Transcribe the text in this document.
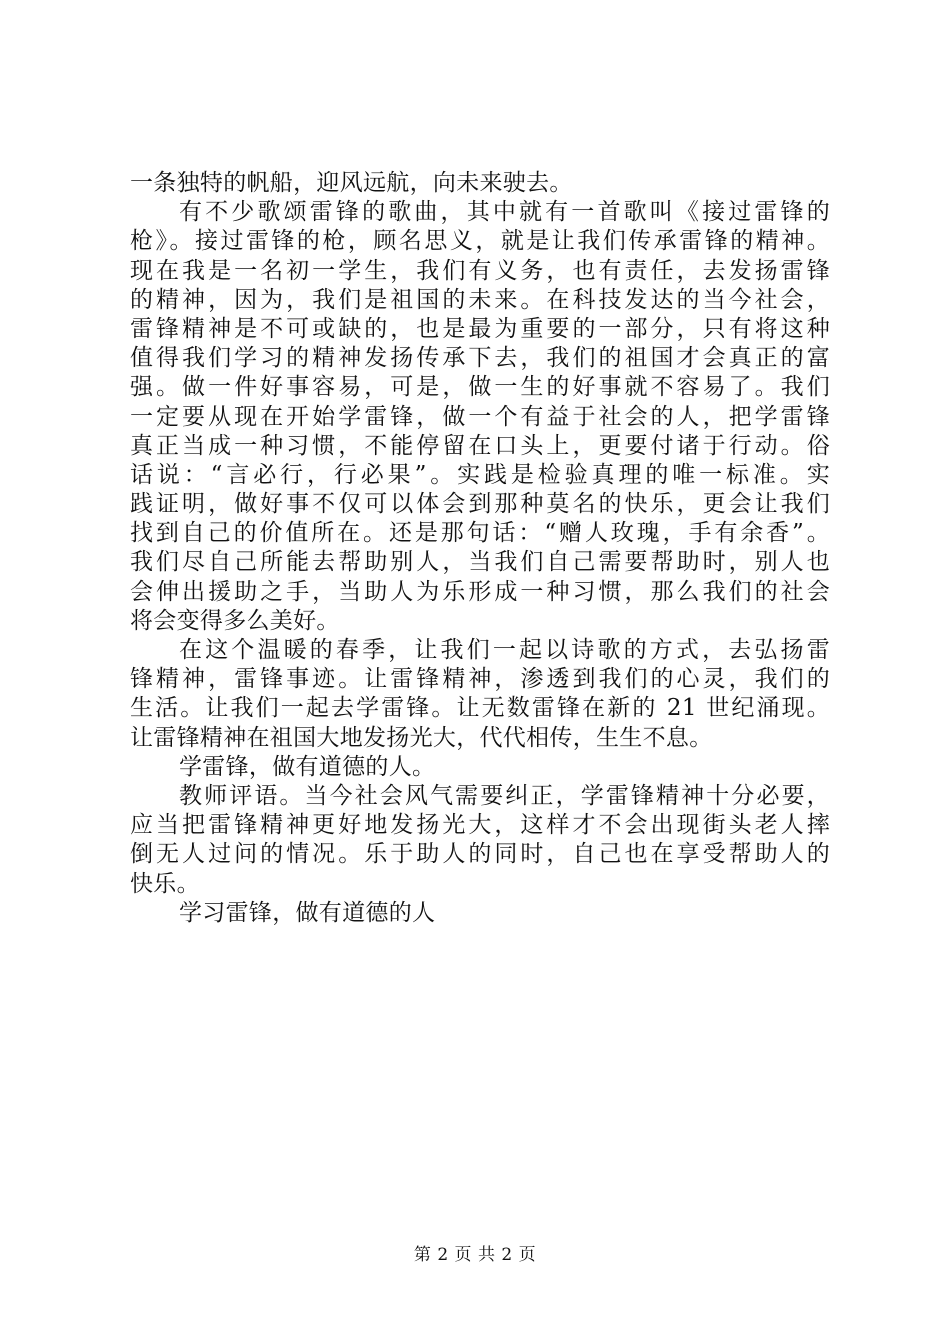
一条独特的帆船，迎风远航，向未来驶去。
有不少歌颂雷锋的歌曲，其中就有一首歌叫《接过雷锋的
枪》。接过雷锋的枪，顾名思义，就是让我们传承雷锋的精神。
现在我是一名初一学生，我们有义务，也有责任，去发扬雷锋
的精神，因为，我们是祖国的未来。在科技发达的当今社会，
雷锋精神是不可或缺的，也是最为重要的一部分，只有将这种
值得我们学习的精神发扬传承下去，我们的祖国才会真正的富
强。做一件好事容易，可是，做一生的好事就不容易了。我们
一定要从现在开始学雷锋，做一个有益于社会的人，把学雷锋
真正当成一种习惯，不能停留在口头上，更要付诸于行动。俗
话说：“言必行，行必果”。实践是检验真理的唯一标准。实
践证明，做好事不仅可以体会到那种莫名的快乐，更会让我们
找到自己的价值所在。还是那句话：“赠人玫瑰，手有余香”。
我们尽自己所能去帮助别人，当我们自己需要帮助时，别人也
会伸出援助之手，当助人为乐形成一种习惯，那么我们的社会
将会变得多么美好。
在这个温暖的春季，让我们一起以诗歌的方式，去弘扬雷
锋精神，雷锋事迹。让雷锋精神，渗透到我们的心灵，我们的
生活。让我们一起去学雷锋。让无数雷锋在新的 21 世纪涌现。
让雷锋精神在祖国大地发扬光大，代代相传，生生不息。
学雷锋，做有道德的人。
教师评语。当今社会风气需要纠正，学雷锋精神十分必要，
应当把雷锋精神更好地发扬光大，这样才不会出现街头老人摔
倒无人过问的情况。乐于助人的同时，自己也在享受帮助人的
快乐。
学习雷锋，做有道德的人
第 2 页 共 2 页
